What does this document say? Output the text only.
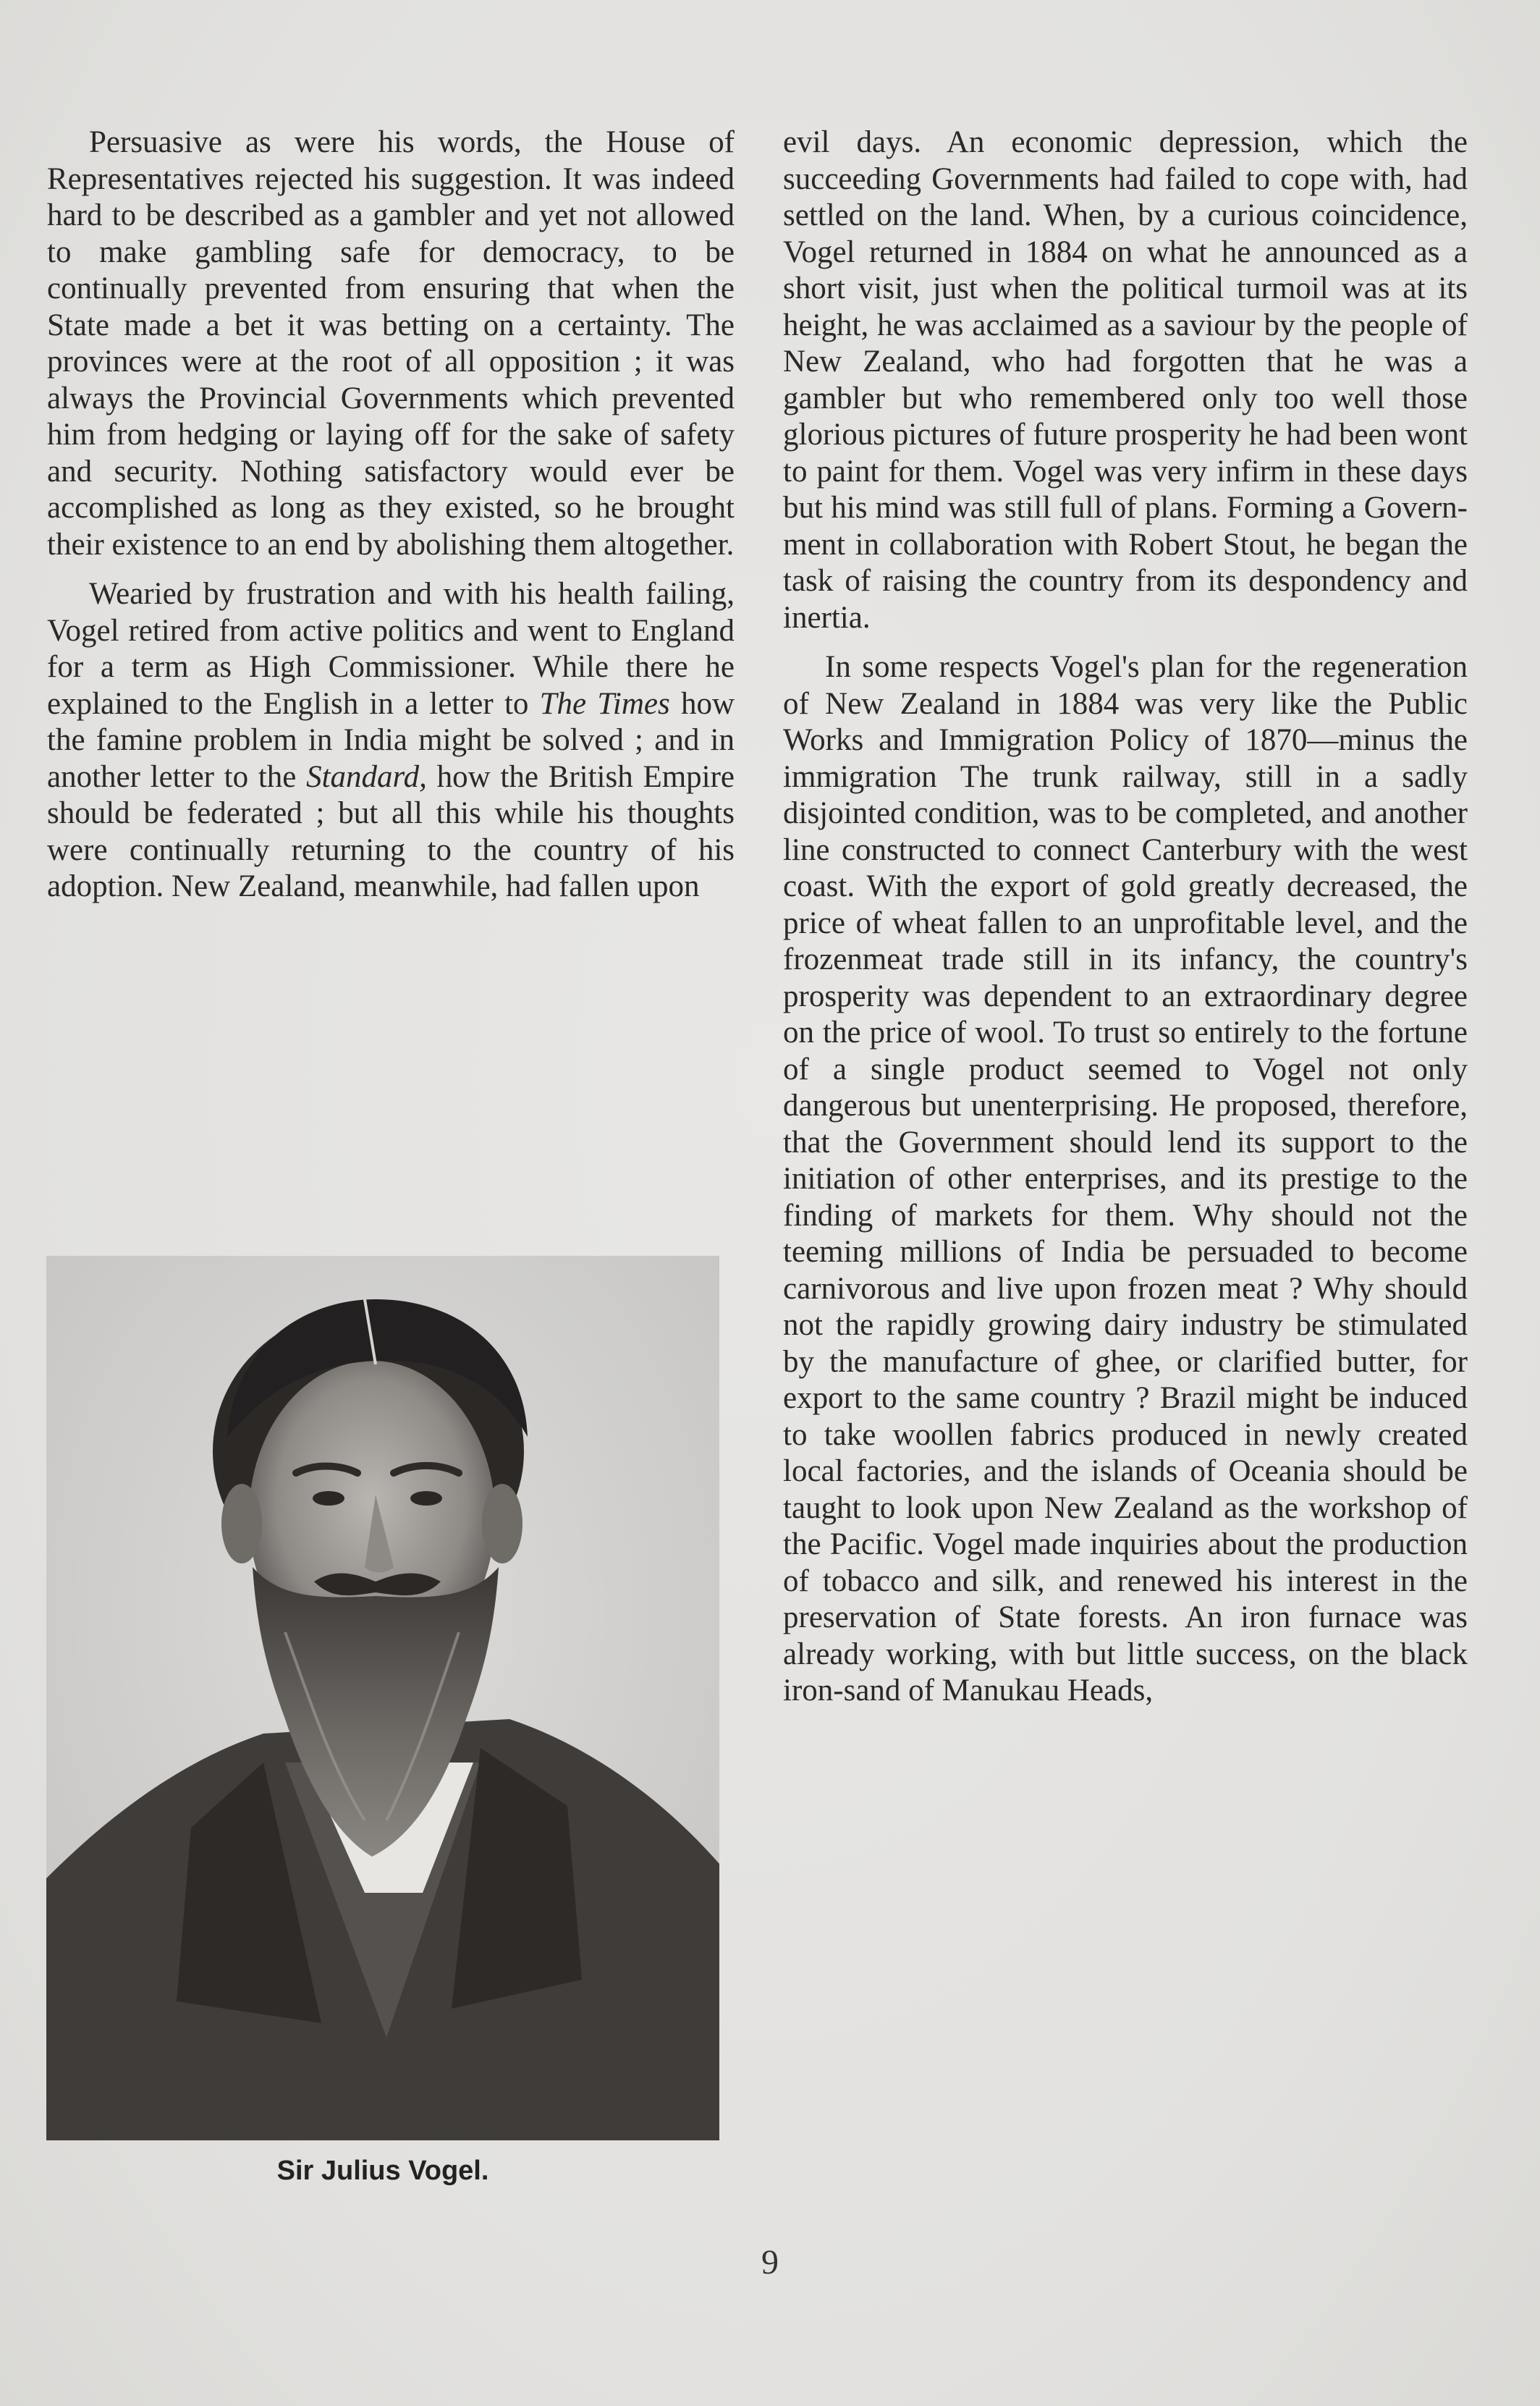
Persuasive as were his words, the House of Representatives rejected his suggestion. It was indeed hard to be described as a gambler and yet not allowed to make gambling safe for democracy, to be continually prevented from ensuring that when the State made a bet it was betting on a certainty. The provinces were at the root of all opposition ; it was always the Provincial Governments which prevented him from hedging or laying off for the sake of safety and security. Nothing satisfactory would ever be accomplished as long as they existed, so he brought their existence to an end by abolishing them altogether.

Wearied by frustration and with his health failing, Vogel retired from active politics and went to England for a term as High Commissioner. While there he explained to the English in a letter to The Times how the famine problem in India might be solved ; and in another letter to the Standard, how the British Empire should be federated ; but all this while his thoughts were continually returning to the country of his adoption. New Zealand, meanwhile, had fallen upon

Sir Julius Vogel.

evil days. An economic depression, which the succeeding Governments had failed to cope with, had settled on the land. When, by a curious coincidence, Vogel returned in 1884 on what he announced as a short visit, just when the political turmoil was at its height, he was acclaimed as a saviour by the people of New Zealand, who had forgotten that he was a gambler but who remembered only too well those glorious pictures of future prosperity he had been wont to paint for them. Vogel was very infirm in these days but his mind was still full of plans. Forming a Government in collaboration with Robert Stout, he began the task of raising the country from its despondency and inertia.

In some respects Vogel's plan for the regeneration of New Zealand in 1884 was very like the Public Works and Immigration Policy of 1870—minus the immigration The trunk railway, still in a sadly disjointed condition, was to be completed, and another line constructed to connect Canterbury with the west coast. With the export of gold greatly decreased, the price of wheat fallen to an unprofitable level, and the frozenmeat trade still in its infancy, the country's prosperity was dependent to an extraordinary degree on the price of wool. To trust so entirely to the fortune of a single product seemed to Vogel not only dangerous but unenterprising. He proposed, therefore, that the Government should lend its support to the initiation of other enterprises, and its prestige to the finding of markets for them. Why should not the teeming millions of India be persuaded to become carnivorous and live upon frozen meat ? Why should not the rapidly growing dairy industry be stimulated by the manufacture of ghee, or clarified butter, for export to the same country ? Brazil might be induced to take woollen fabrics produced in newly created local factories, and the islands of Oceania should be taught to look upon New Zealand as the workshop of the Pacific. Vogel made inquiries about the production of tobacco and silk, and renewed his interest in the preservation of State forests. An iron furnace was already working, with but little success, on the black iron-sand of Manukau Heads,

9
